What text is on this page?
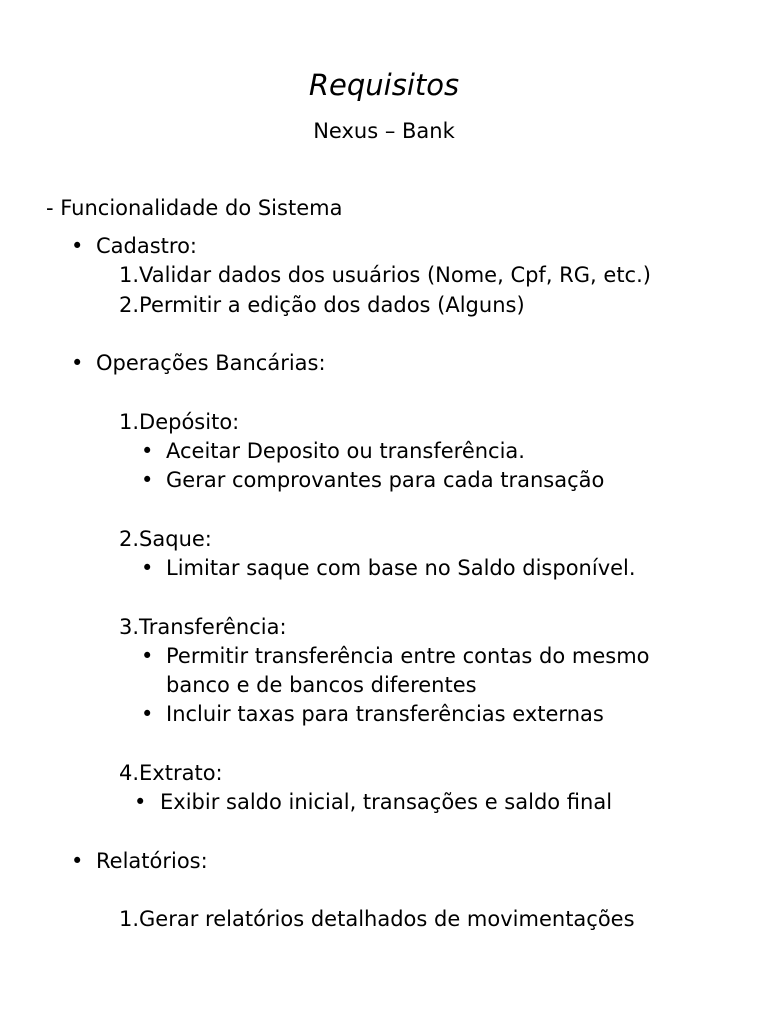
Requisitos
Nexus – Bank
- Funcionalidade do Sistema
• Cadastro:
1.Validar dados dos usuários (Nome, Cpf, RG, etc.)
2.Permitir a edição dos dados (Alguns)
• Operações Bancárias:
1.Depósito:
• Aceitar Deposito ou transferência.
• Gerar comprovantes para cada transação
2.Saque:
• Limitar saque com base no Saldo disponível.
3.Transferência:
• Permitir transferência entre contas do mesmo
banco e de bancos diferentes
• Incluir taxas para transferências externas
4.Extrato:
• Exibir saldo inicial, transações e saldo final
• Relatórios:
1.Gerar relatórios detalhados de movimentações
